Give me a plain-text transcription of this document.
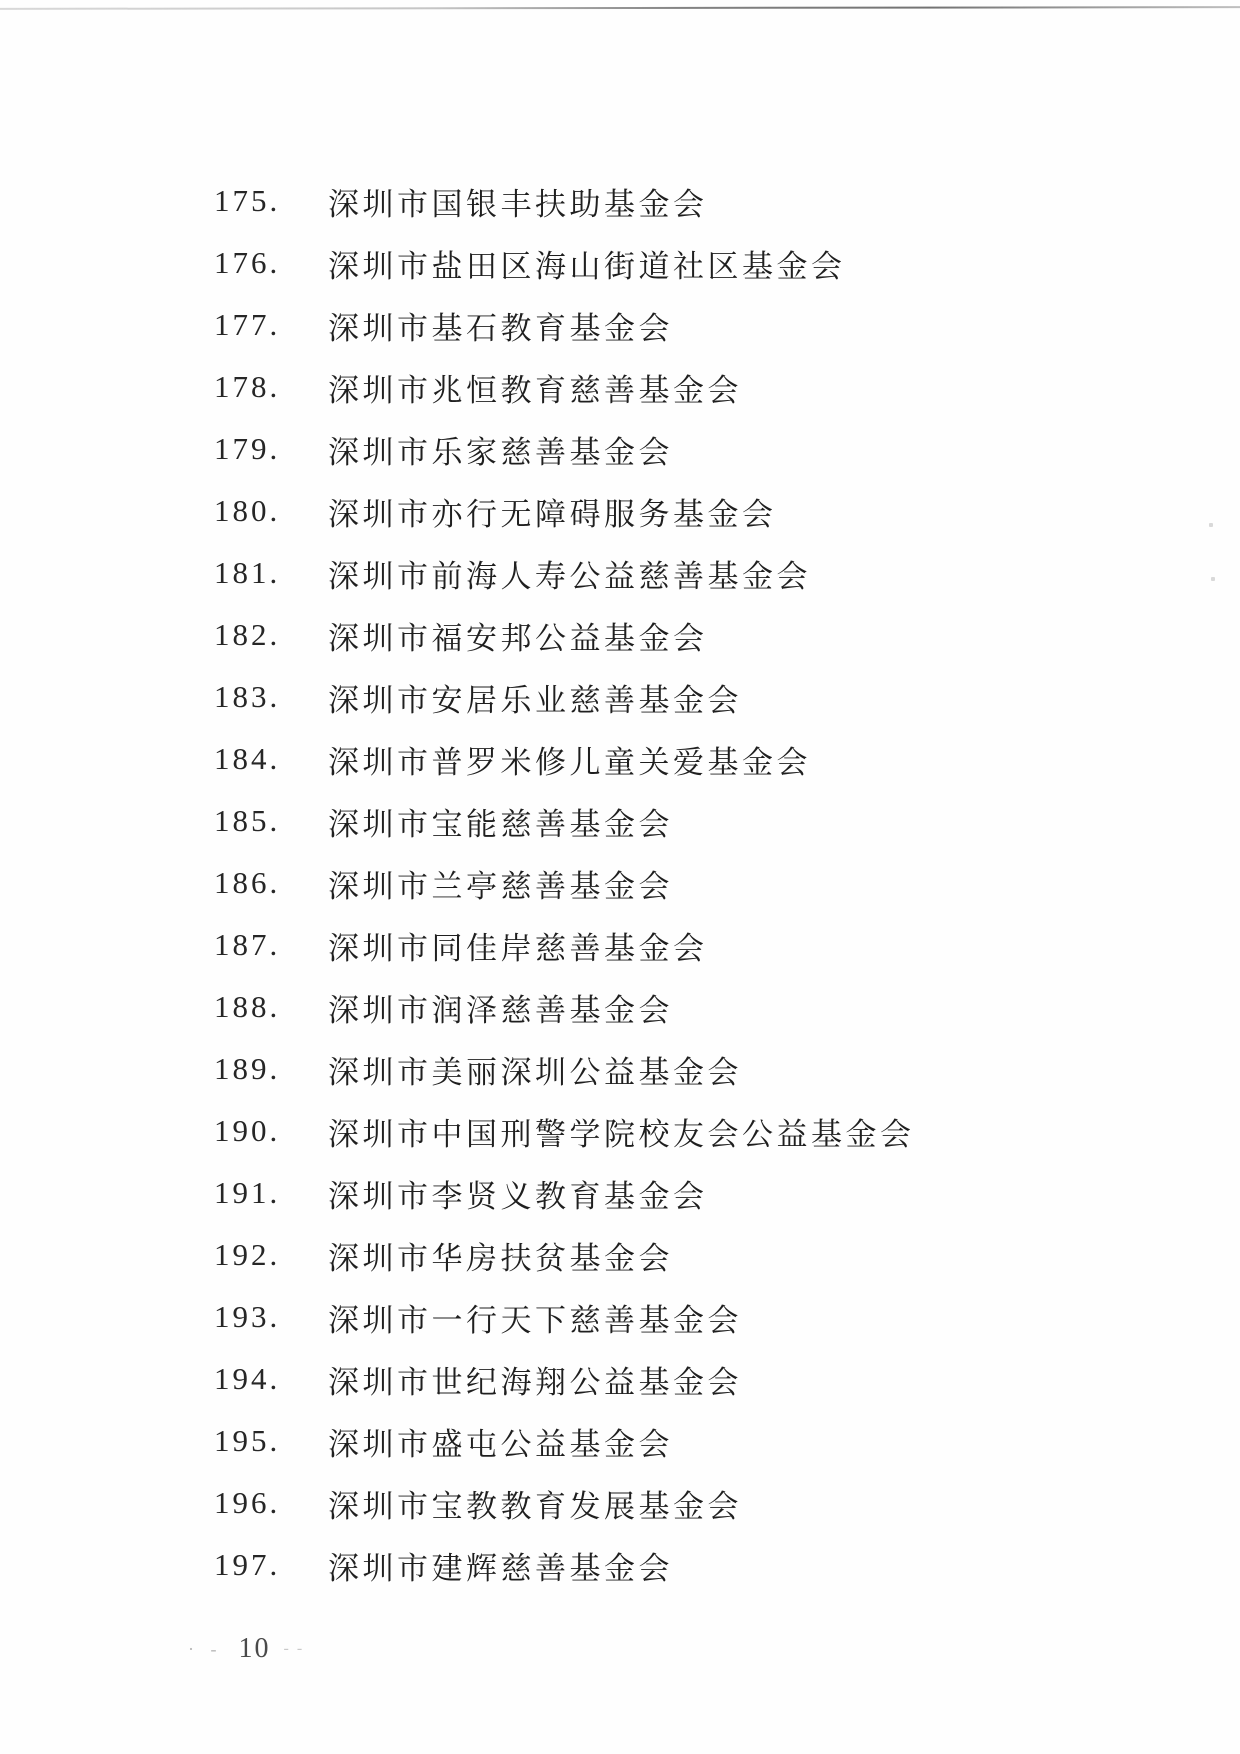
175.	深圳市国银丰扶助基金会
176.	深圳市盐田区海山街道社区基金会
177.	深圳市基石教育基金会
178.	深圳市兆恒教育慈善基金会
179.	深圳市乐家慈善基金会
180.	深圳市亦行无障碍服务基金会
181.	深圳市前海人寿公益慈善基金会
182.	深圳市福安邦公益基金会
183.	深圳市安居乐业慈善基金会
184.	深圳市普罗米修儿童关爱基金会
185.	深圳市宝能慈善基金会
186.	深圳市兰亭慈善基金会
187.	深圳市同佳岸慈善基金会
188.	深圳市润泽慈善基金会
189.	深圳市美丽深圳公益基金会
190.	深圳市中国刑警学院校友会公益基金会
191.	深圳市李贤义教育基金会
192.	深圳市华房扶贫基金会
193.	深圳市一行天下慈善基金会
194.	深圳市世纪海翔公益基金会
195.	深圳市盛屯公益基金会
196.	深圳市宝教教育发展基金会
197.	深圳市建辉慈善基金会
· - 10 - -
